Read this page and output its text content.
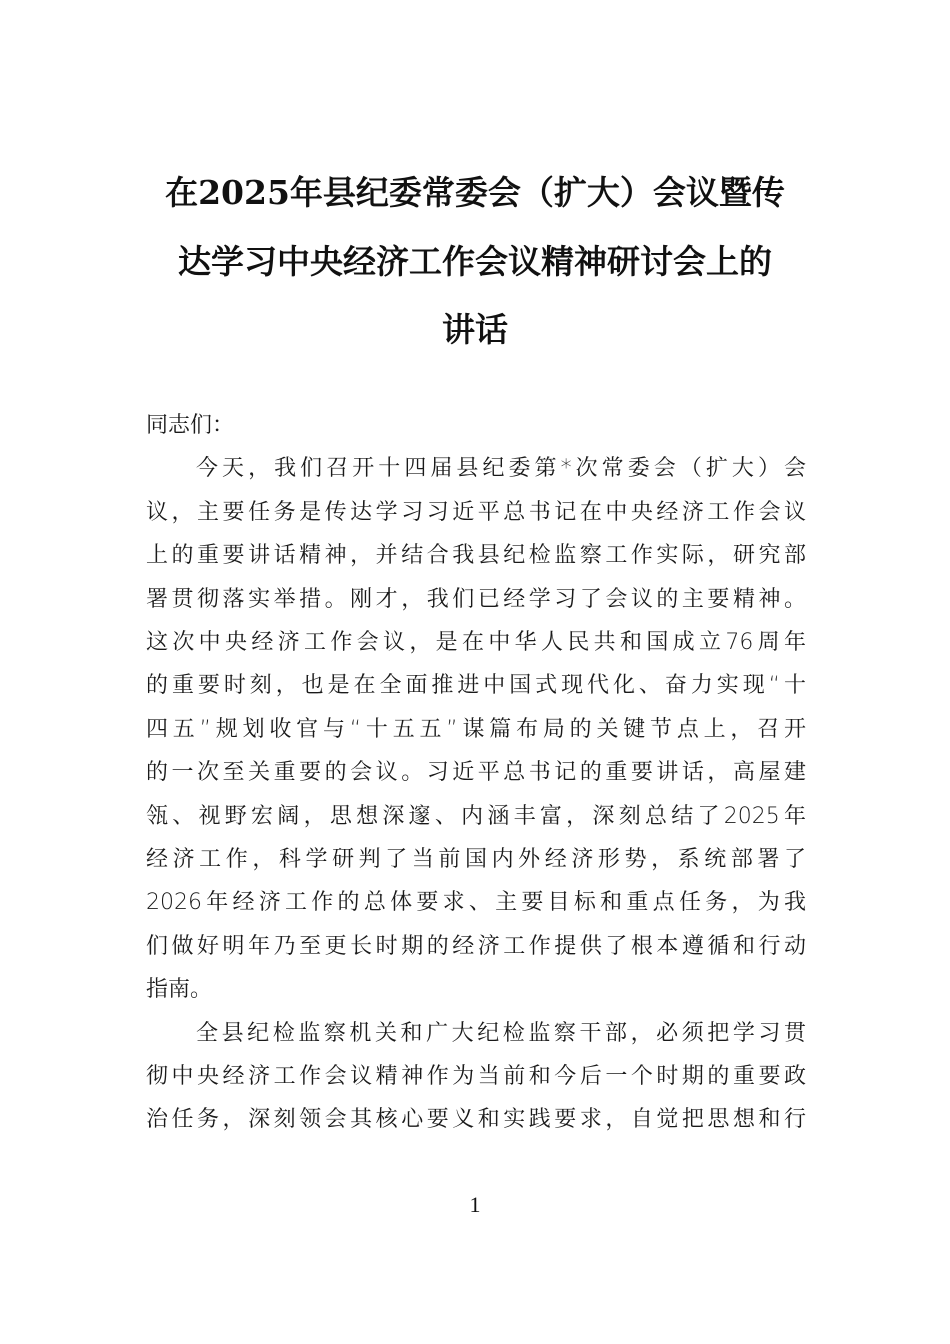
在2025年县纪委常委会（扩大）会议暨传
达学习中央经济工作会议精神研讨会上的
讲话
同志们：
今天，我们召开十四届县纪委第*次常委会（扩大）会
议，主要任务是传达学习习近平总书记在中央经济工作会议
上的重要讲话精神，并结合我县纪检监察工作实际，研究部
署贯彻落实举措。刚才，我们已经学习了会议的主要精神。
这次中央经济工作会议，是在中华人民共和国成立76周年
的重要时刻，也是在全面推进中国式现代化、奋力实现“十
四五”规划收官与“十五五”谋篇布局的关键节点上，召开
的一次至关重要的会议。习近平总书记的重要讲话，高屋建
瓴、视野宏阔，思想深邃、内涵丰富，深刻总结了2025年
经济工作，科学研判了当前国内外经济形势，系统部署了
2026年经济工作的总体要求、主要目标和重点任务，为我
们做好明年乃至更长时期的经济工作提供了根本遵循和行动
指南。
全县纪检监察机关和广大纪检监察干部，必须把学习贯
彻中央经济工作会议精神作为当前和今后一个时期的重要政
治任务，深刻领会其核心要义和实践要求，自觉把思想和行
1
